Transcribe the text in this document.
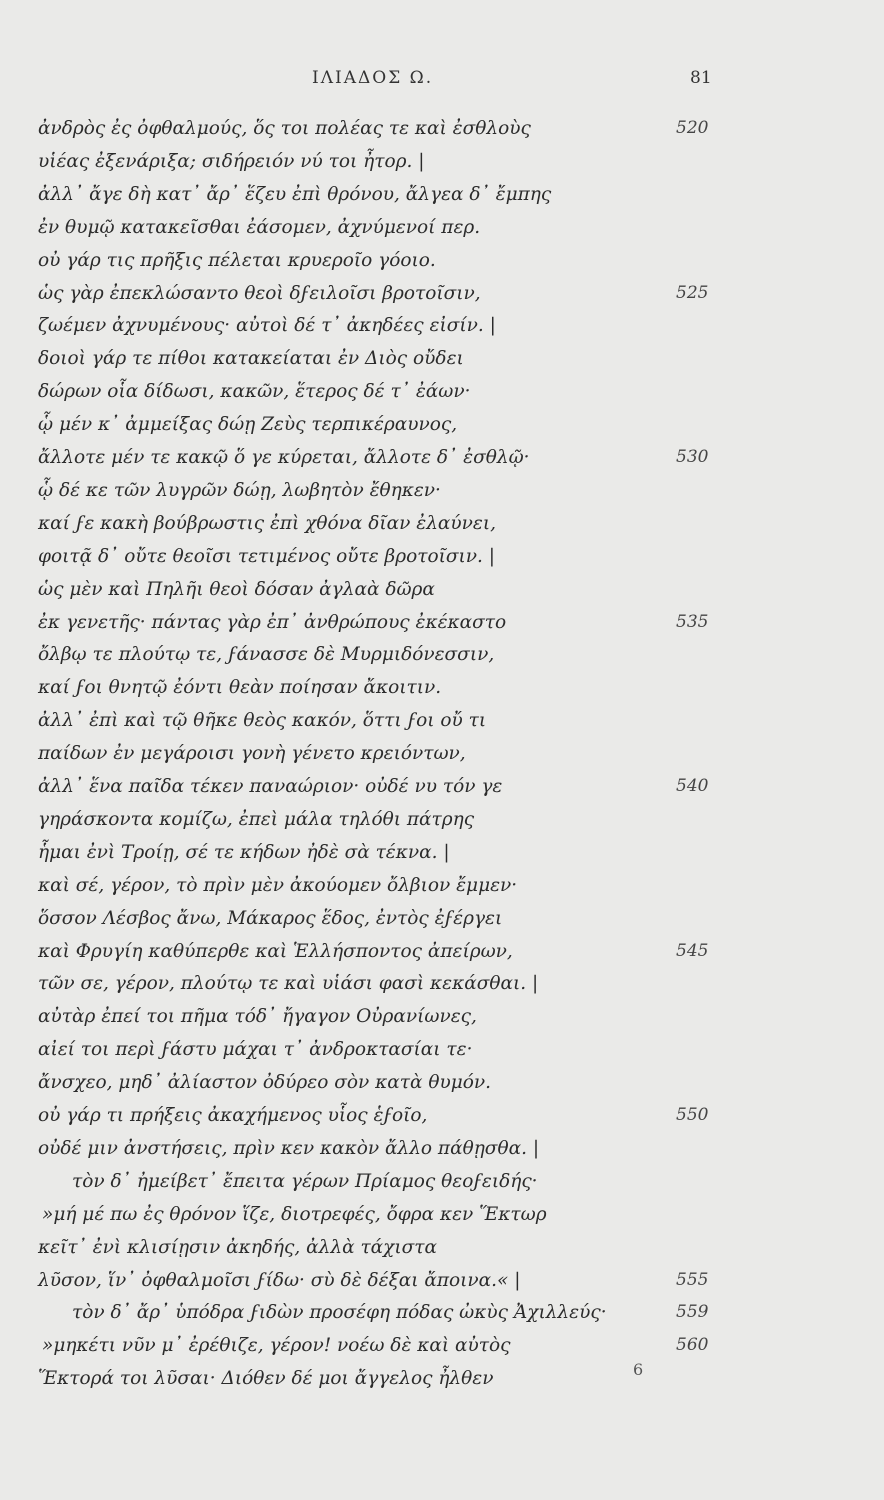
ΙΛΙΑΔΟΣ Ω.	81
ἀνδρὸς ἐς ὀφθαλμούς, ὅς τοι πολέας τε καὶ ἐσθλοὺς	520
υἱέας ἐξενάριξα; σιδήρειόν νύ τοι ἦτορ. |
ἀλλ᾽ ἄγε δὴ κατ᾽ ἄρ᾽ ἕζευ ἐπὶ θρόνου, ἄλγεα δ᾽ ἔμπης
ἐν θυμῷ κατακεῖσθαι ἐάσομεν, ἀχνύμενοί περ.
οὐ γάρ τις πρῆξις πέλεται κρυεροῖο γόοιο.
ὡς γὰρ ἐπεκλώσαντο θεοὶ δϝειλοῖσι βροτοῖσιν,	525
ζωέμεν ἀχνυμένους· αὐτοὶ δέ τ᾽ ἀκηδέες εἰσίν. |
δοιοὶ γάρ τε πίθοι κατακείαται ἐν Διὸς οὔδει
δώρων οἷα δίδωσι, κακῶν, ἕτερος δέ τ᾽ ἐάων·
ᾧ μέν κ᾽ ἀμμείξας δώῃ Ζεὺς τερπικέραυνος,
ἄλλοτε μέν τε κακῷ ὅ γε κύρεται, ἄλλοτε δ᾽ ἐσθλῷ·	530
ᾧ δέ κε τῶν λυγρῶν δώῃ, λωβητὸν ἔθηκεν·
καί ϝε κακὴ βούβρωστις ἐπὶ χθόνα δῖαν ἐλαύνει,
φοιτᾷ δ᾽ οὔτε θεοῖσι τετιμένος οὔτε βροτοῖσιν. |
ὡς μὲν καὶ Πηλῆι θεοὶ δόσαν ἀγλαὰ δῶρα
ἐκ γενετῆς· πάντας γὰρ ἐπ᾽ ἀνθρώπους ἐκέκαστο	535
ὄλβῳ τε πλούτῳ τε, ϝάνασσε δὲ Μυρμιδόνεσσιν,
καί ϝοι θνητῷ ἐόντι θεὰν ποίησαν ἄκοιτιν.
ἀλλ᾽ ἐπὶ καὶ τῷ θῆκε θεὸς κακόν, ὅττι ϝοι οὔ τι
παίδων ἐν μεγάροισι γονὴ γένετο κρειόντων,
ἀλλ᾽ ἕνα παῖδα τέκεν παναώριον· οὐδέ νυ τόν γε	540
γηράσκοντα κομίζω, ἐπεὶ μάλα τηλόθι πάτρης
ἧμαι ἐνὶ Τροίῃ, σέ τε κήδων ἠδὲ σὰ τέκνα. |
καὶ σέ, γέρον, τὸ πρὶν μὲν ἀκούομεν ὄλβιον ἔμμεν·
ὅσσον Λέσβος ἄνω, Μάκαρος ἕδος, ἐντὸς ἐϝέργει
καὶ Φρυγίη καθύπερθε καὶ Ἑλλήσποντος ἀπείρων,	545
τῶν σε, γέρον, πλούτῳ τε καὶ υἱάσι φασὶ κεκάσθαι. |
αὐτὰρ ἐπεί τοι πῆμα τόδ᾽ ἤγαγον Οὐρανίωνες,
αἰεί τοι περὶ ϝάστυ μάχαι τ᾽ ἀνδροκτασίαι τε·
ἄνσχεο, μηδ᾽ ἀλίαστον ὀδύρεο σὸν κατὰ θυμόν.
οὐ γάρ τι πρήξεις ἀκαχήμενος υἷος ἑϝοῖο,	550
οὐδέ μιν ἀνστήσεις, πρὶν κεν κακὸν ἄλλο πάθῃσθα. |
τὸν δ᾽ ἠμείβετ᾽ ἔπειτα γέρων Πρίαμος θεοϝειδής·
»μή μέ πω ἐς θρόνον ἵζε, διοτρεφές, ὄφρα κεν Ἕκτωρ
κεῖτ᾽ ἐνὶ κλισίῃσιν ἀκηδής, ἀλλὰ τάχιστα
λῦσον, ἵν᾽ ὀφθαλμοῖσι ϝίδω· σὺ δὲ δέξαι ἄποινα.« |	555
τὸν δ᾽ ἄρ᾽ ὑπόδρα ϝιδὼν προσέφη πόδας ὠκὺς Ἀχιλλεύς·	559
»μηκέτι νῦν μ᾽ ἐρέθιζε, γέρον! νοέω δὲ καὶ αὐτὸς	560
Ἕκτορά τοι λῦσαι· Διόθεν δέ μοι ἄγγελος ἦλθεν	6
